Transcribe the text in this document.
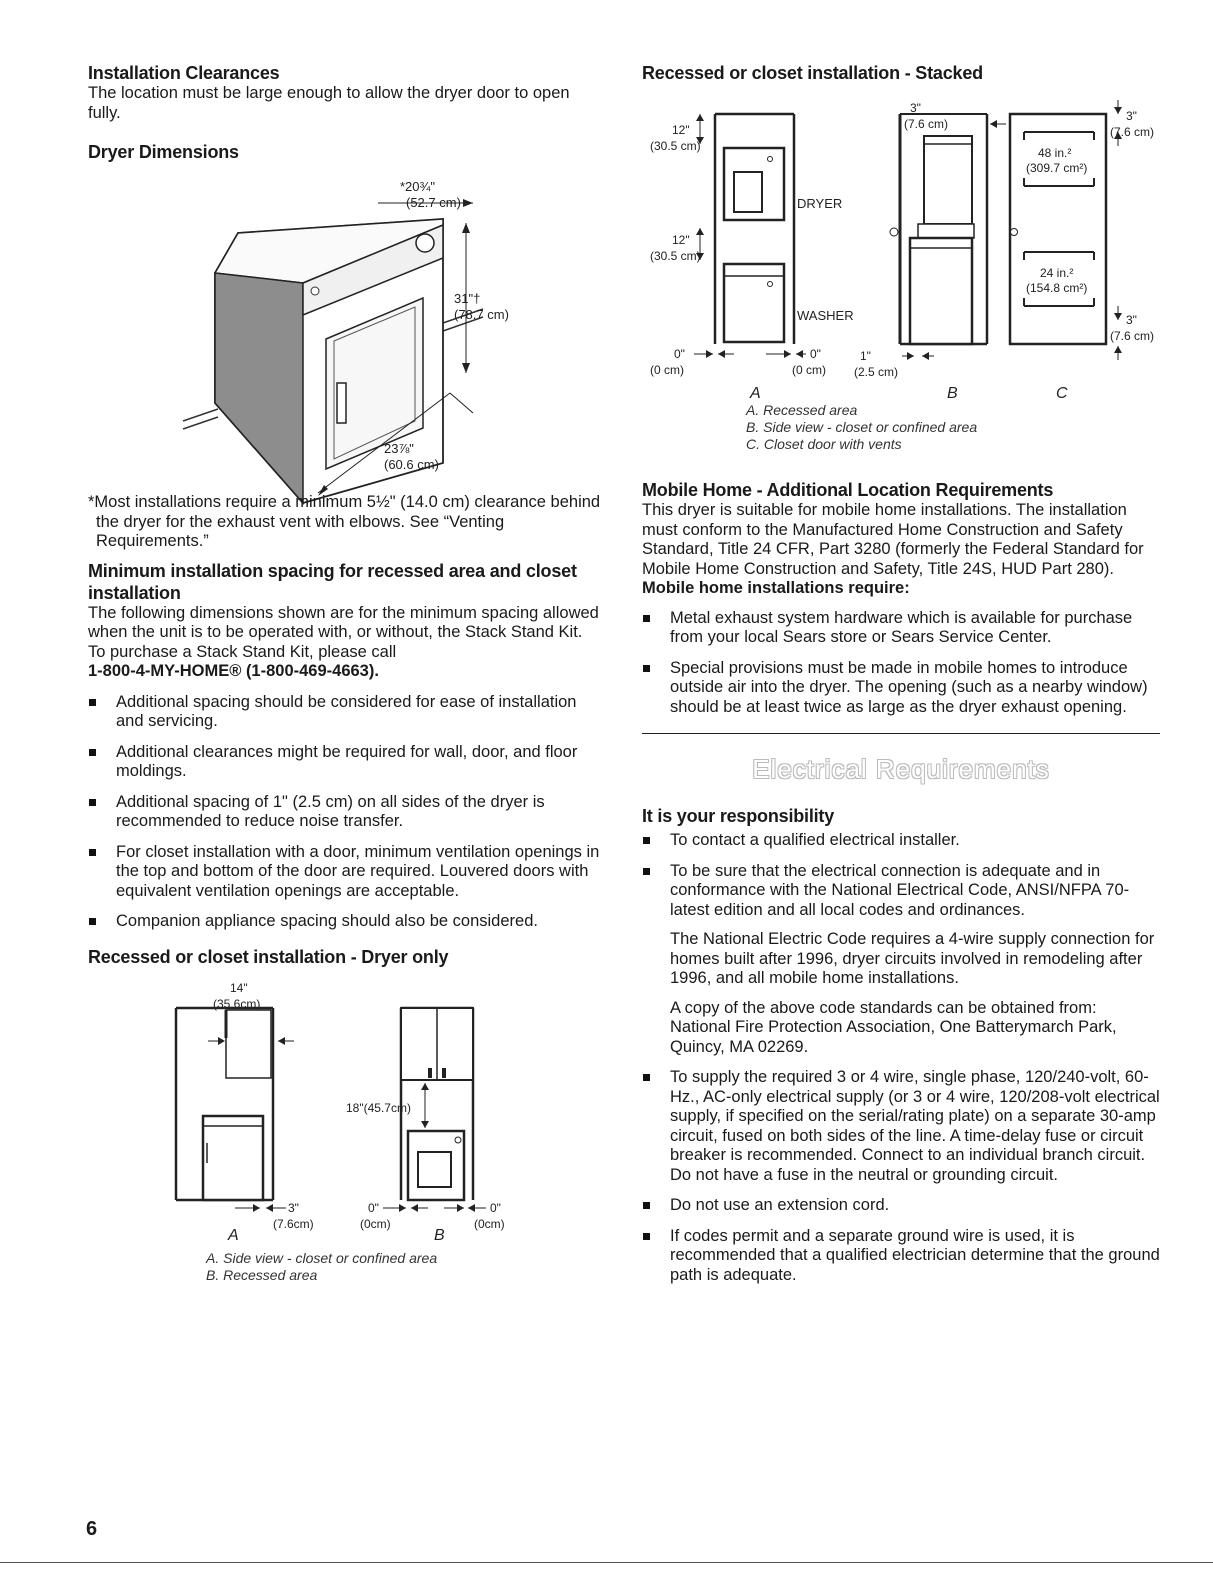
Installation Clearances

The location must be large enough to allow the dryer door to open fully.

Dryer Dimensions
*20¾"
(52.7 cm)
31"†
(78.7 cm)
23⅞"
(60.6 cm)

*Most installations require a minimum 5½" (14.0 cm) clearance behind the dryer for the exhaust vent with elbows. See “Venting Requirements.”

Minimum installation spacing for recessed area and closet installation

The following dimensions shown are for the minimum spacing allowed when the unit is to be operated with, or without, the Stack Stand Kit. To purchase a Stack Stand Kit, please call

1-800-4-MY-HOME® (1-800-469-4663).

Additional spacing should be considered for ease of installation and servicing.
Additional clearances might be required for wall, door, and floor moldings.
Additional spacing of 1" (2.5 cm) on all sides of the dryer is recommended to reduce noise transfer.
For closet installation with a door, minimum ventilation openings in the top and bottom of the door are required. Louvered doors with equivalent ventilation openings are acceptable.
Companion appliance spacing should also be considered.
Recessed or closet installation - Dryer only
14"
(35.6cm)
3"
(7.6cm)
A
18"(45.7cm)
0"
(0cm)
0"
(0cm)
B
A. Side view - closet or confined area
B. Recessed area
Recessed or closet installation - Stacked
12"
(30.5 cm)
12"
(30.5 cm)
DRYER
WASHER
0"
(0 cm)
0"
(0 cm)
A
3"
(7.6 cm)
1"
(2.5 cm)
B
48 in.²
(309.7 cm²)
24 in.²
(154.8 cm²)
3"
(7.6 cm)
3"
(7.6 cm)
C
A. Recessed area
B. Side view - closet or confined area
C. Closet door with vents
Mobile Home - Additional Location Requirements

This dryer is suitable for mobile home installations. The installation must conform to the Manufactured Home Construction and Safety Standard, Title 24 CFR, Part 3280 (formerly the Federal Standard for Mobile Home Construction and Safety, Title 24S, HUD Part 280).

Mobile home installations require:

Metal exhaust system hardware which is available for purchase from your local Sears store or Sears Service Center.
Special provisions must be made in mobile homes to introduce outside air into the dryer. The opening (such as a nearby window) should be at least twice as large as the dryer exhaust opening.
Electrical Requirements
It is your responsibility
To contact a qualified electrical installer.
To be sure that the electrical connection is adequate and in conformance with the National Electrical Code, ANSI/NFPA 70-latest edition and all local codes and ordinances.
The National Electric Code requires a 4-wire supply connection for homes built after 1996, dryer circuits involved in remodeling after 1996, and all mobile home installations.
A copy of the above code standards can be obtained from: National Fire Protection Association, One Batterymarch Park, Quincy, MA 02269.
To supply the required 3 or 4 wire, single phase, 120/240-volt, 60-Hz., AC-only electrical supply (or 3 or 4 wire, 120/208-volt electrical supply, if specified on the serial/rating plate) on a separate 30-amp circuit, fused on both sides of the line. A time-delay fuse or circuit breaker is recommended. Connect to an individual branch circuit. Do not have a fuse in the neutral or grounding circuit.
Do not use an extension cord.
If codes permit and a separate ground wire is used, it is recommended that a qualified electrician determine that the ground path is adequate.
6
